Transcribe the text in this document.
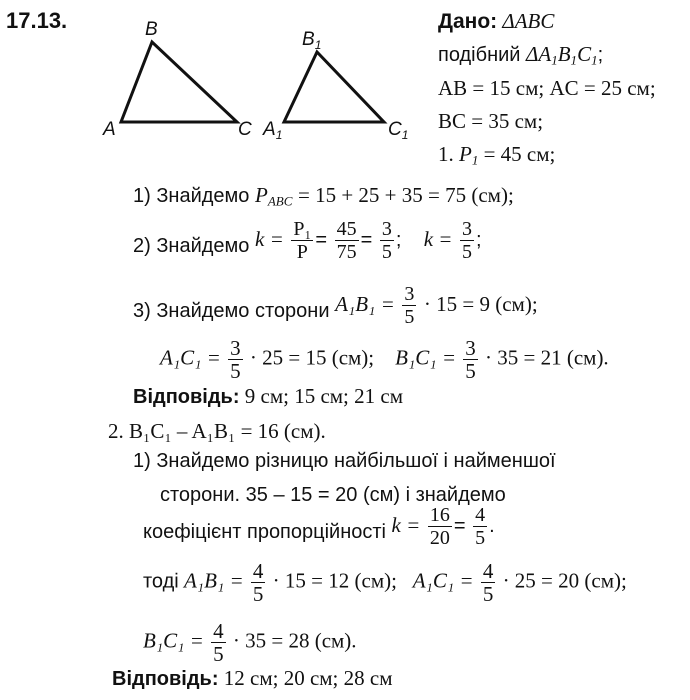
17.13.
A
B
C $A_1$
$B_1$
$C_1$
Дано: ΔABC
подібний $\Delta A_1B_1C_1$;
AB = 15 см; AC = 25 см;
BC = 35 см;
1. $P_1 = 45$ см;
1) Знайдемо $P_{ABC} = 15 + 25 + 35 = 75$ (см);
2) Знайдемо $k = \frac{\text{P₁}}{P} = \frac{45}{75} = \frac{3}{5}$ ;    $k = \frac{3}{5}$ ;
3) Знайдемо сторони $A_1B_1 = \frac{3}{5} \cdot 15 = 9$ (см);
$A_1C_1 = \frac{3}{5} \cdot 25 = 15$ (см); $B_1C_1 = \frac{3}{5} \cdot 35 = 21$ (см).
Відповідь: 9 см; 15 см; 21 см
2. B₁C₁ – A₁B₁ = 16 (см).
1) Знайдемо різницю найбільшої і найменшої
сторони. 35 – 15 = 20 (см) і знайдемо
коефіцієнт пропорційності $k = \frac{16}{20} = \frac{4}{5}$ .
тоді $A_1B_1 = \frac{4}{5} \cdot 15 = 12$ (см); $A_1C_1 = \frac{4}{5} \cdot 25 = 20$ (см);
$B_1C_1 = \frac{4}{5} \cdot 35 = 28$ (см).
Відповідь: 12 см; 20 см; 28 см
